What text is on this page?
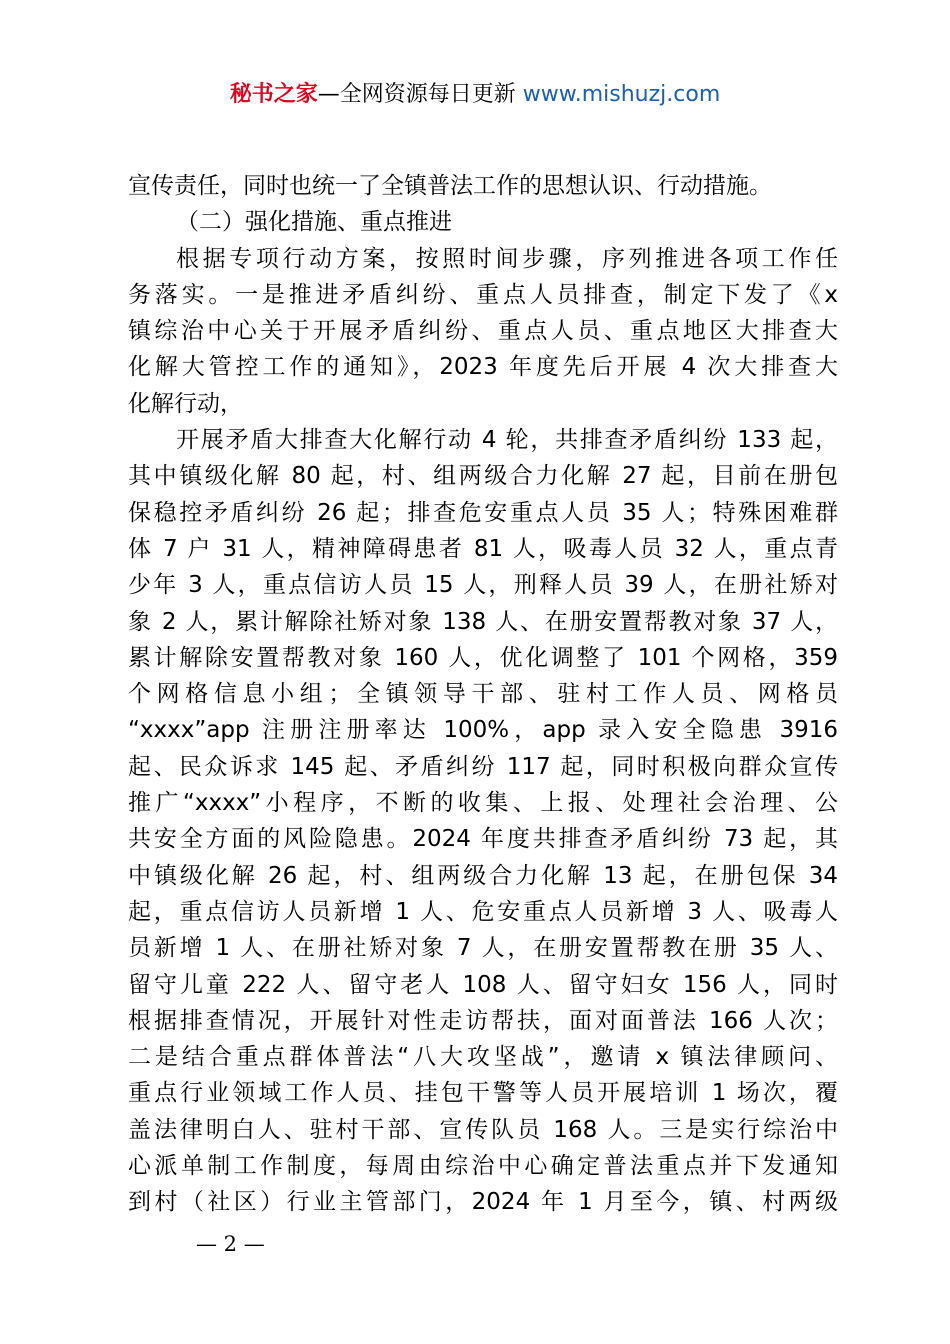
秘书之家—全网资源每日更新 www.mishuzj.com
宣传责任，同时也统一了全镇普法工作的思想认识、行动措施。
（二）强化措施、重点推进
根据专项行动方案，按照时间步骤，序列推进各项工作任
务落实。一是推进矛盾纠纷、重点人员排查，制定下发了《x
镇综治中心关于开展矛盾纠纷、重点人员、重点地区大排查大
化解大管控工作的通知》，2023 年度先后开展 4 次大排查大
化解行动，
开展矛盾大排查大化解行动 4 轮，共排查矛盾纠纷 133 起，
其中镇级化解 80 起，村、组两级合力化解 27 起，目前在册包
保稳控矛盾纠纷 26 起；排查危安重点人员 35 人；特殊困难群
体 7 户 31 人，精神障碍患者 81 人，吸毒人员 32 人，重点青
少年 3 人，重点信访人员 15 人，刑释人员 39 人，在册社矫对
象 2 人，累计解除社矫对象 138 人、在册安置帮教对象 37 人，
累计解除安置帮教对象 160 人，优化调整了 101 个网格，359
个网格信息小组；全镇领导干部、驻村工作人员、网格员
“xxxx”app 注册注册率达 100%，app 录入安全隐患 3916
起、民众诉求 145 起、矛盾纠纷 117 起，同时积极向群众宣传
推广“xxxx”小程序，不断的收集、上报、处理社会治理、公
共安全方面的风险隐患。2024 年度共排查矛盾纠纷 73 起，其
中镇级化解 26 起，村、组两级合力化解 13 起，在册包保 34
起，重点信访人员新增 1 人、危安重点人员新增 3 人、吸毒人
员新增 1 人、在册社矫对象 7 人，在册安置帮教在册 35 人、
留守儿童 222 人、留守老人 108 人、留守妇女 156 人，同时
根据排查情况，开展针对性走访帮扶，面对面普法 166 人次；
二是结合重点群体普法“八大攻坚战”，邀请 x 镇法律顾问、
重点行业领域工作人员、挂包干警等人员开展培训 1 场次，覆
盖法律明白人、驻村干部、宣传队员 168 人。三是实行综治中
心派单制工作制度，每周由综治中心确定普法重点并下发通知
到村（社区）行业主管部门，2024 年 1 月至今，镇、村两级
— 2 —
